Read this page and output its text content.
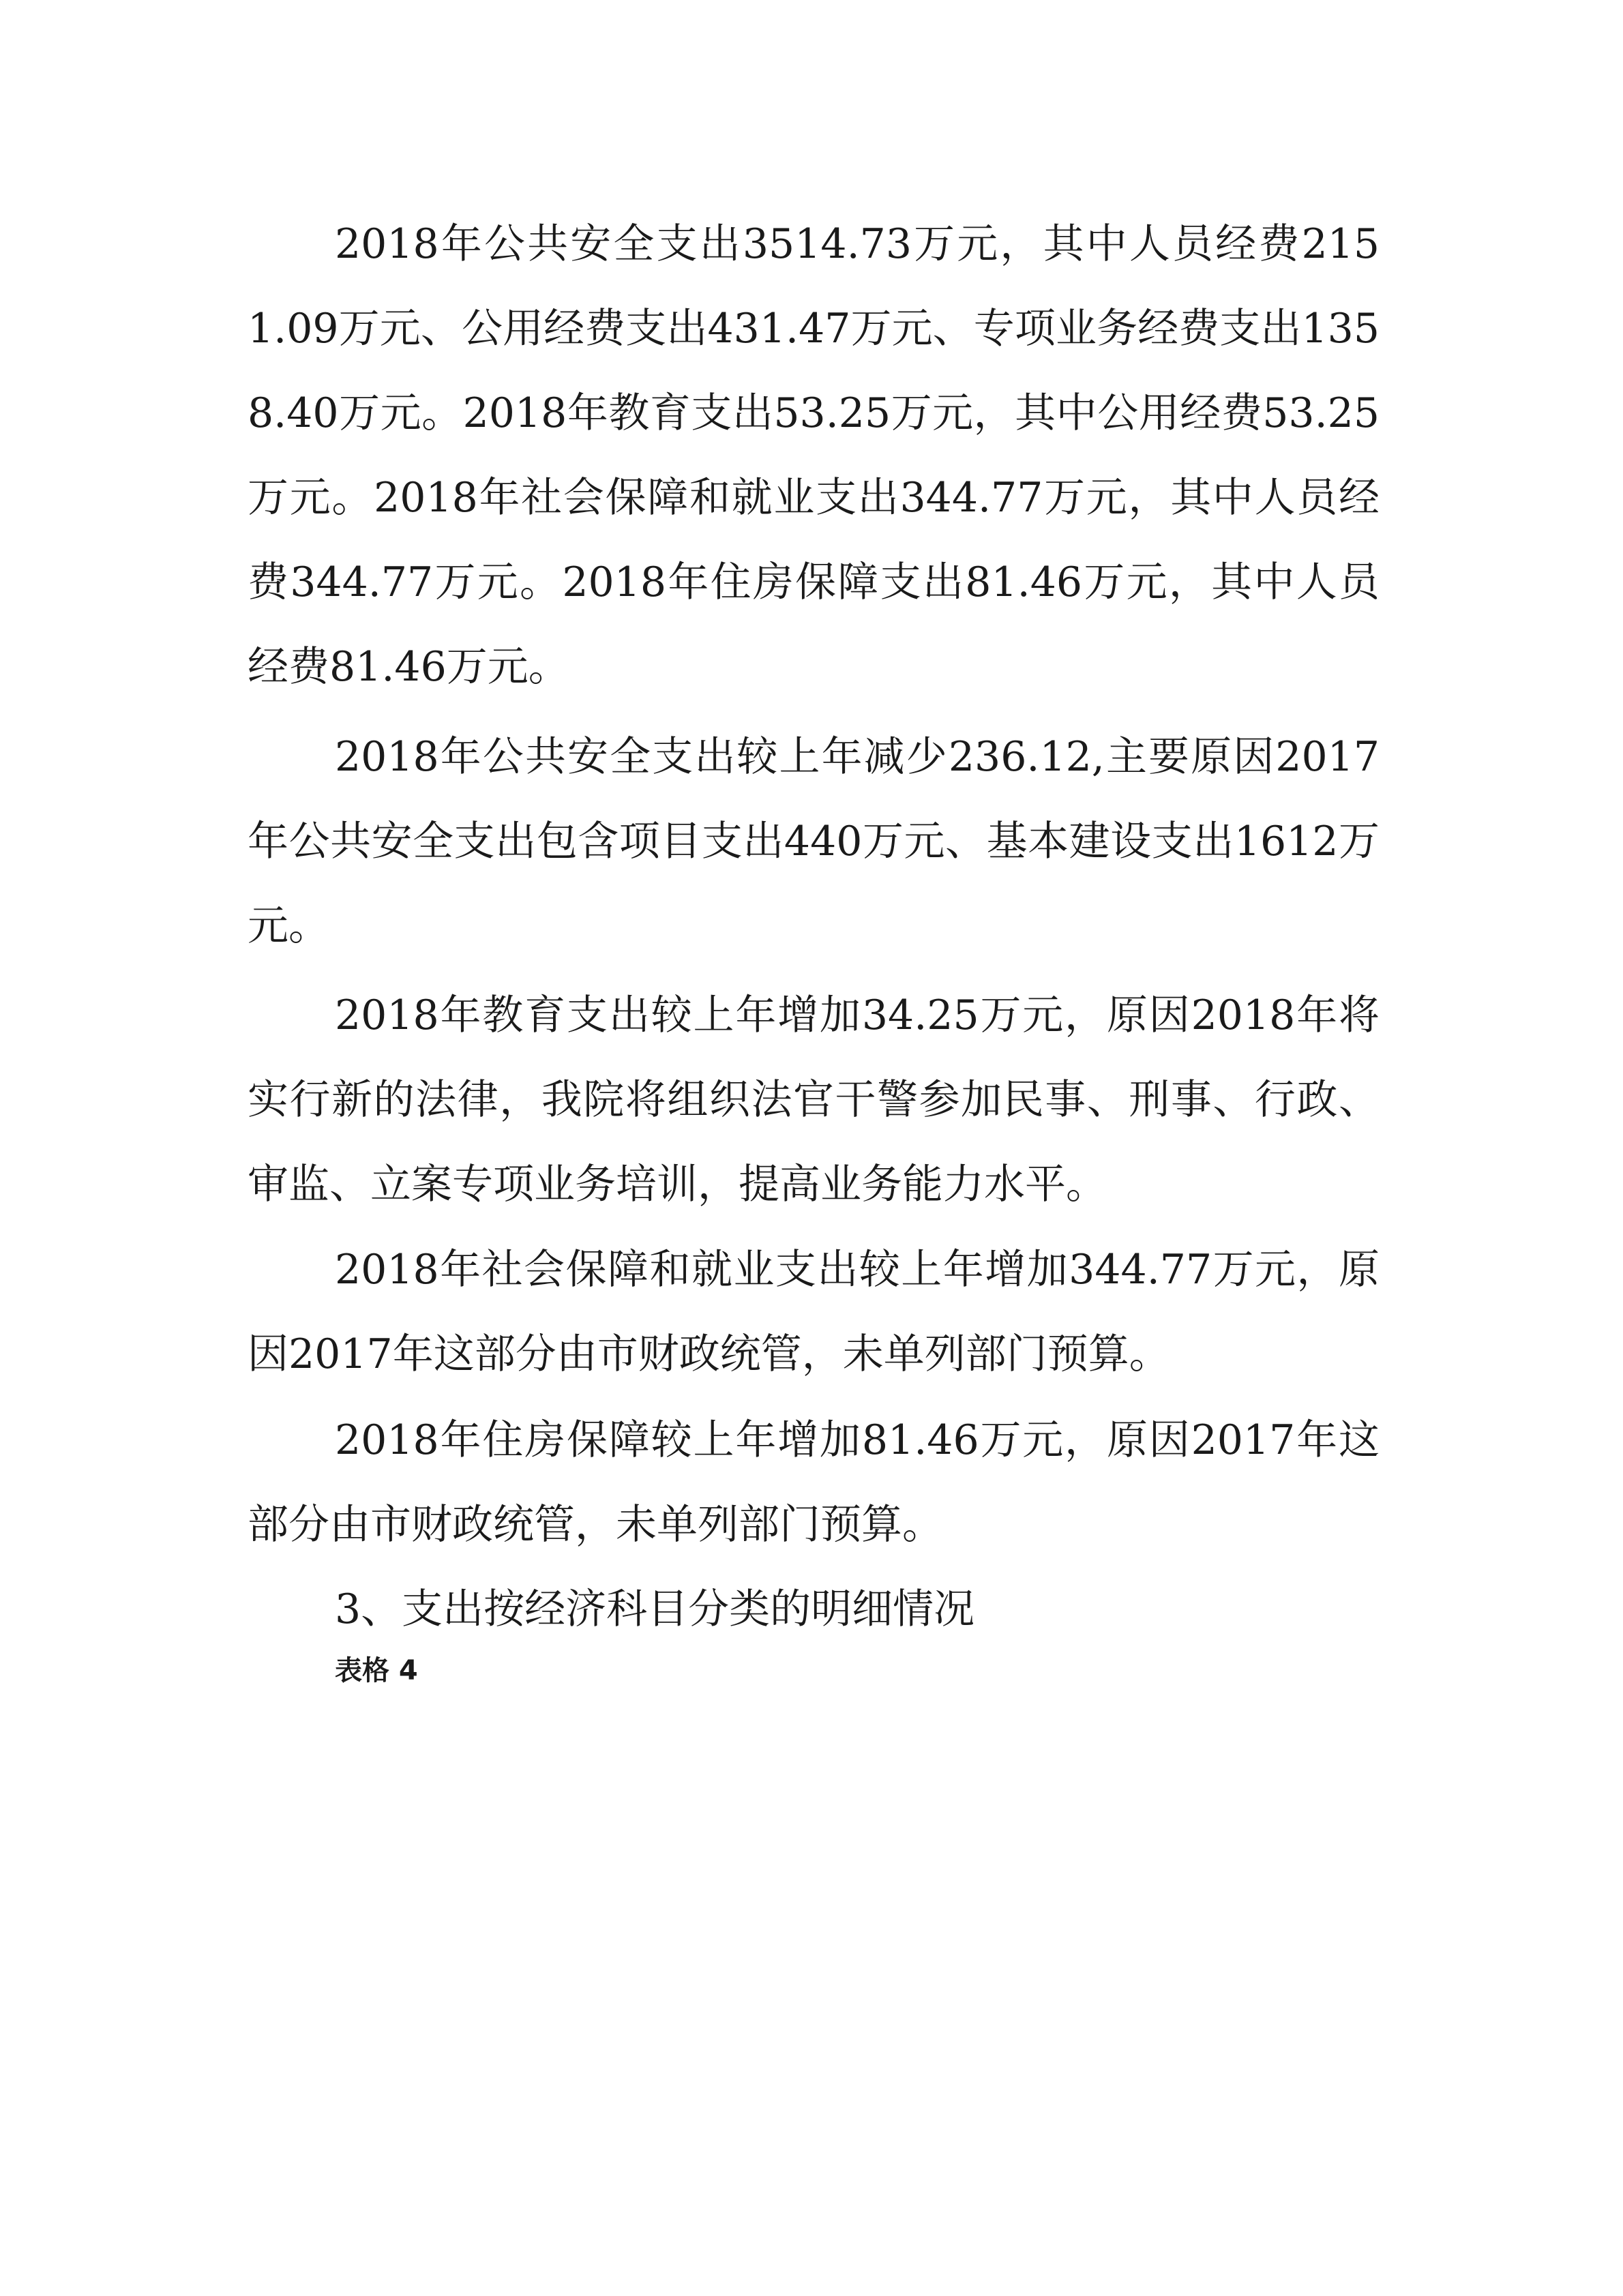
2018年公共安全支出3514.73万元，其中人员经费2151.09万元、公用经费支出431.47万元、专项业务经费支出1358.40万元。2018年教育支出53.25万元，其中公用经费53.25万元。2018年社会保障和就业支出344.77万元，其中人员经费344.77万元。2018年住房保障支出81.46万元，其中人员经费81.46万元。

2018年公共安全支出较上年减少236.12,主要原因2017年公共安全支出包含项目支出440万元、基本建设支出1612万元。

2018年教育支出较上年增加34.25万元，原因2018年将实行新的法律，我院将组织法官干警参加民事、刑事、行政、审监、立案专项业务培训，提高业务能力水平。

2018年社会保障和就业支出较上年增加344.77万元，原因2017年这部分由市财政统管，未单列部门预算。

2018年住房保障较上年增加81.46万元，原因2017年这部分由市财政统管，未单列部门预算。

3、支出按经济科目分类的明细情况

表格 4
